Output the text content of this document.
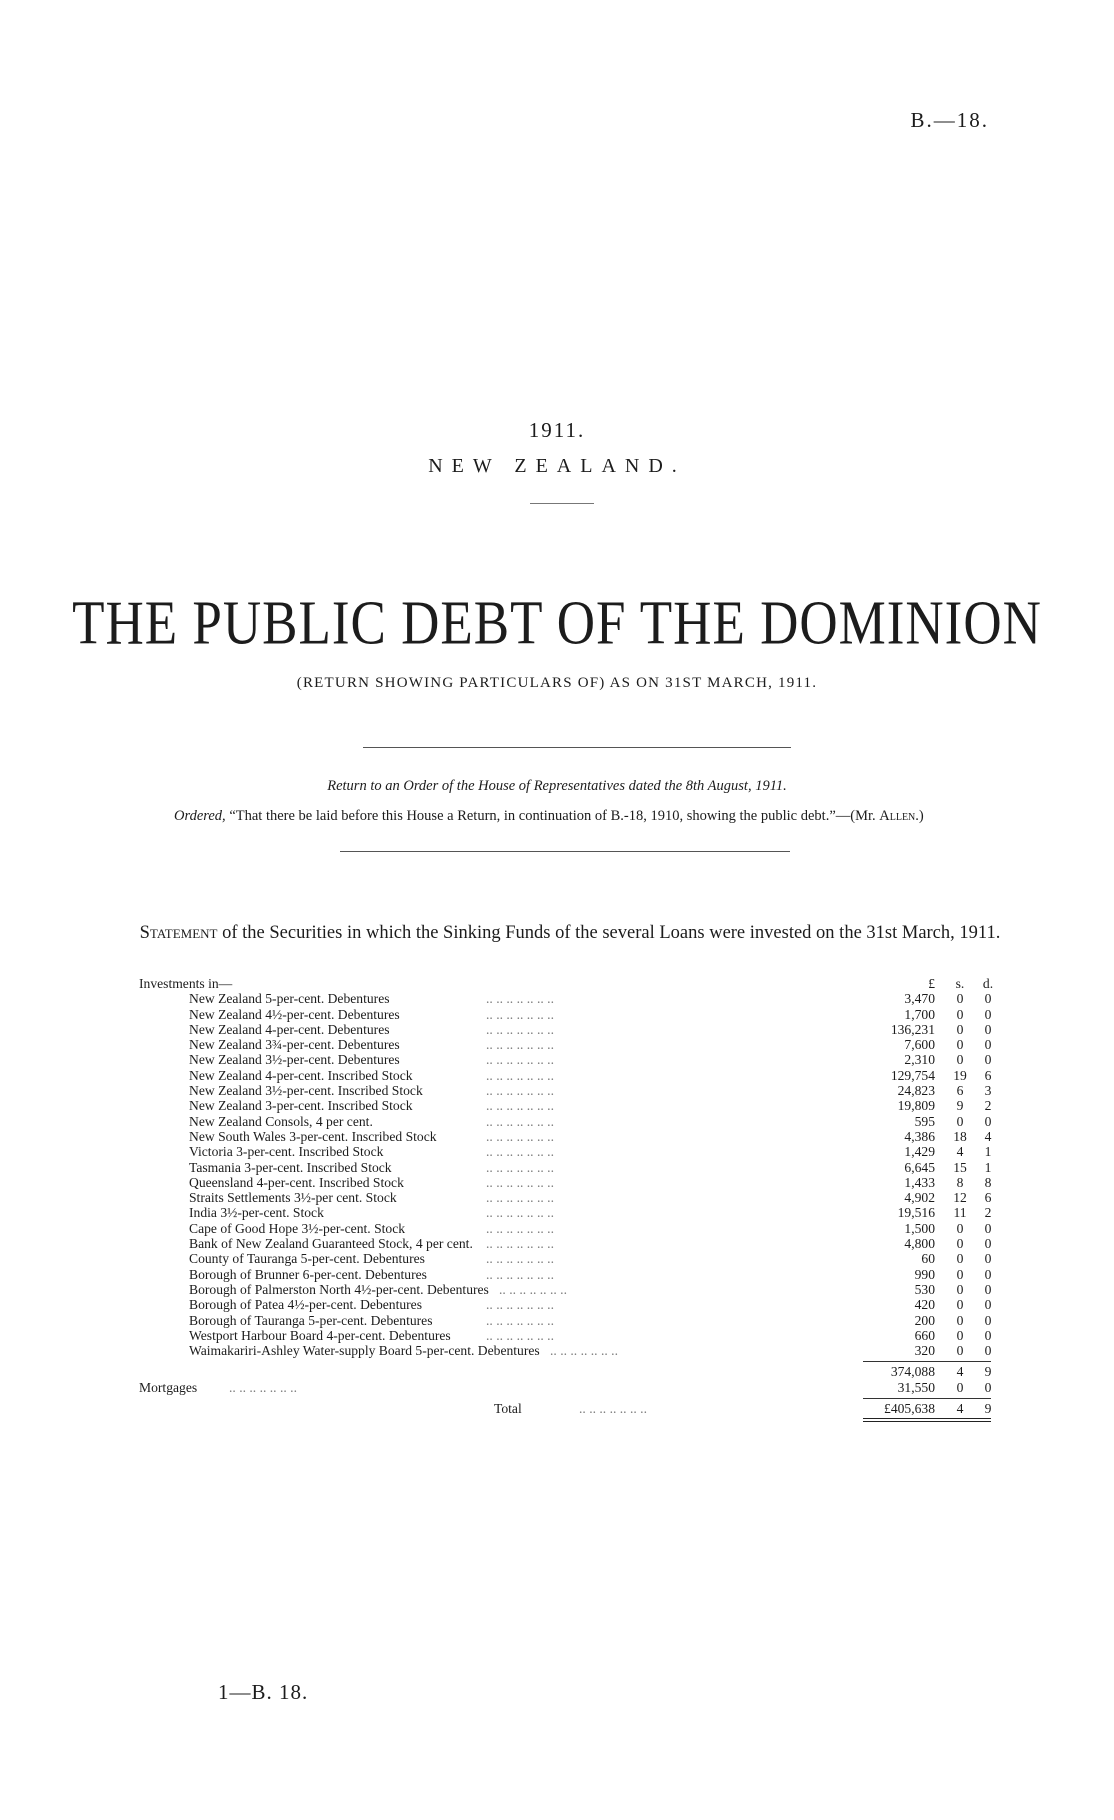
B.—18.
1911.
NEW ZEALAND.
THE PUBLIC DEBT OF THE DOMINION
(RETURN SHOWING PARTICULARS OF) AS ON 31ST MARCH, 1911.
Return to an Order of the House of Representatives dated the 8th August, 1911.

Ordered, “That there be laid before this House a Return, in continuation of B.-18, 1910, showing the public debt.”—(Mr. Allen.)

Statement of the Securities in which the Sinking Funds of the several Loans were invested on the 31st March, 1911.
Investments in—	£	s.	d.
New Zealand 5-per-cent. Debentures	.. .. .. .. .. .. ..	3,470	0	0
New Zealand 4½-per-cent. Debentures	.. .. .. .. .. .. ..	1,700	0	0
New Zealand 4-per-cent. Debentures	.. .. .. .. .. .. ..	136,231	0	0
New Zealand 3¾-per-cent. Debentures	.. .. .. .. .. .. ..	7,600	0	0
New Zealand 3½-per-cent. Debentures	.. .. .. .. .. .. ..	2,310	0	0
New Zealand 4-per-cent. Inscribed Stock	.. .. .. .. .. .. ..	129,754	19	6
New Zealand 3½-per-cent. Inscribed Stock	.. .. .. .. .. .. ..	24,823	6	3
New Zealand 3-per-cent. Inscribed Stock	.. .. .. .. .. .. ..	19,809	9	2
New Zealand Consols, 4 per cent.	.. .. .. .. .. .. ..	595	0	0
New South Wales 3-per-cent. Inscribed Stock	.. .. .. .. .. .. ..	4,386	18	4
Victoria 3-per-cent. Inscribed Stock	.. .. .. .. .. .. ..	1,429	4	1
Tasmania 3-per-cent. Inscribed Stock	.. .. .. .. .. .. ..	6,645	15	1
Queensland 4-per-cent. Inscribed Stock	.. .. .. .. .. .. ..	1,433	8	8
Straits Settlements 3½-per cent. Stock	.. .. .. .. .. .. ..	4,902	12	6
India 3½-per-cent. Stock	.. .. .. .. .. .. ..	19,516	11	2
Cape of Good Hope 3½-per-cent. Stock	.. .. .. .. .. .. ..	1,500	0	0
Bank of New Zealand Guaranteed Stock, 4 per cent. .. .. .. .. .. .. ..	4,800	0	0
County of Tauranga 5-per-cent. Debentures	.. .. .. .. .. .. ..	60	0	0
Borough of Brunner 6-per-cent. Debentures	.. .. .. .. .. .. ..	990	0	0
Borough of Palmerston North 4½-per-cent. Debentures .. .. .. .. .. .. ..	530	0	0
Borough of Patea 4½-per-cent. Debentures	.. .. .. .. .. .. ..	420	0	0
Borough of Tauranga 5-per-cent. Debentures	.. .. .. .. .. .. ..	200	0	0
Westport Harbour Board 4-per-cent. Debentures	.. .. .. .. .. .. ..	660	0	0
Waimakariri-Ashley Water-supply Board 5-per-cent. Debentures .. .. .. .. .. .. ..	320	0	0
374,088	4	9
Mortgages .. .. .. .. .. .. ..	31,550	0	0
Total	.. .. .. .. .. .. ..	£405,638	4	9
1—B. 18.
